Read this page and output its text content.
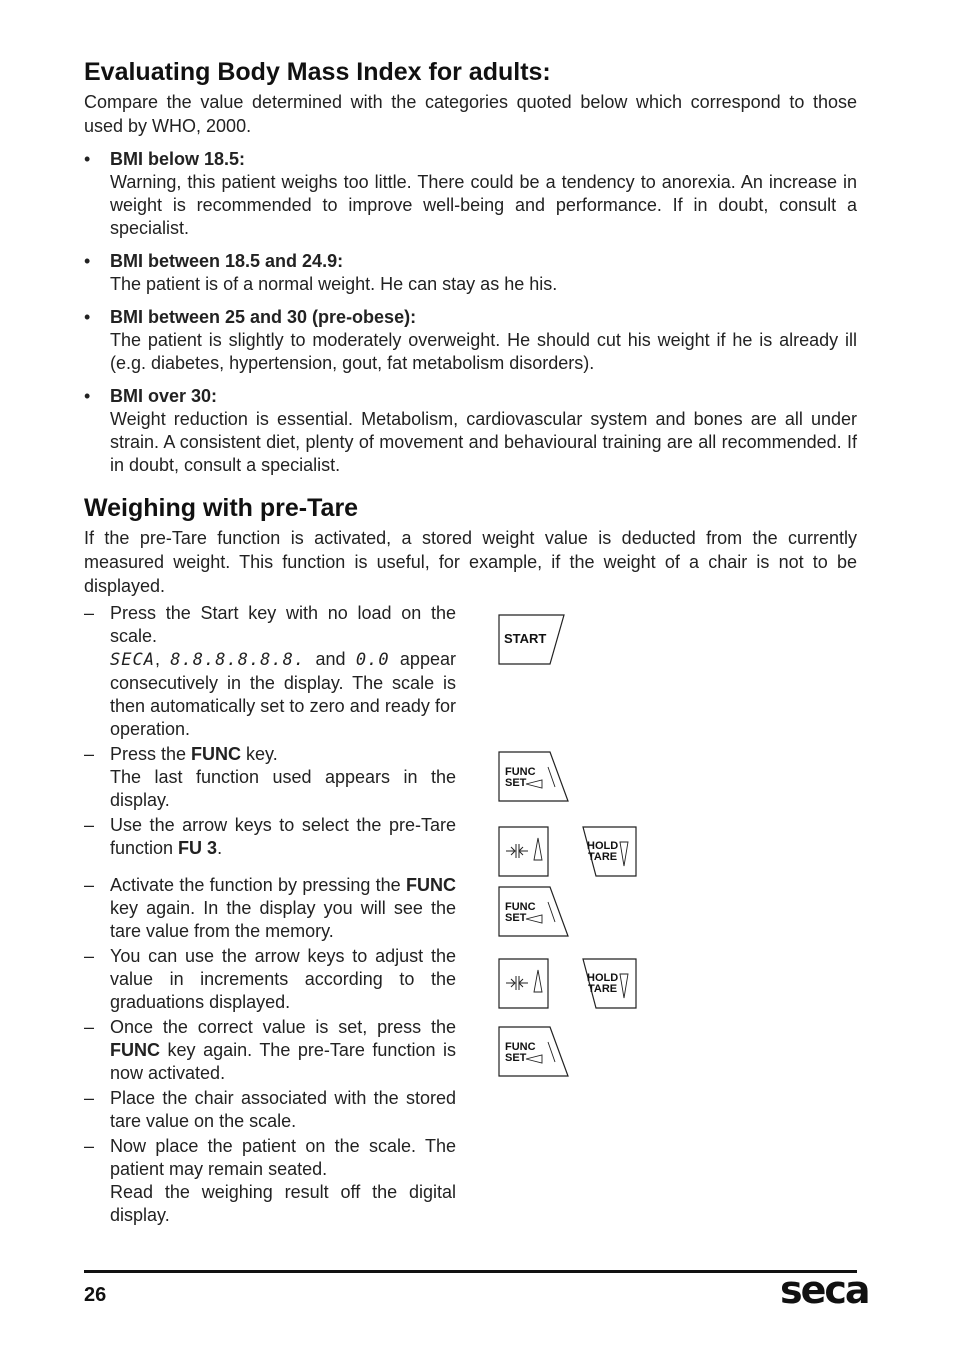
Evaluating Body Mass Index for adults:

Compare the value determined with the categories quoted below which correspond to those used by WHO, 2000.

• BMI below 18.5:
Warning, this patient weighs too little. There could be a tendency to anorexia. An increase in weight is recommended to improve well-being and performance. If in doubt, consult a specialist.
• BMI between 18.5 and 24.9:
The patient is of a normal weight. He can stay as he his.
• BMI between 25 and 30 (pre-obese):
The patient is slightly to moderately overweight. He should cut his weight if he is already ill (e.g. diabetes, hypertension, gout, fat metabolism disorders).
• BMI over 30:
Weight reduction is essential. Metabolism, cardiovascular system and bones are all under strain. A consistent diet, plenty of movement and behavioural training are all recommended. If in doubt, consult a specialist.
Weighing with pre-Tare

If the pre-Tare function is activated, a stored weight value is deducted from the currently measured weight. This function is useful, for example, if the weight of a chair is not to be displayed.

– Press the Start key with no load on the scale.
SECA, 8.8.8.8.8.8. and 0.0 appear consecutively in the display. The scale is then automatically set to zero and ready for operation.
– Press the FUNC key.
The last function used appears in the display.
– Use the arrow keys to select the pre-Tare function FU 3.
– Activate the function by pressing the FUNC key again. In the display you will see the tare value from the memory.
– You can use the arrow keys to adjust the value in increments according to the graduations displayed.
– Once the correct value is set, press the FUNC key again. The pre-Tare function is now activated.
– Place the chair associated with the stored tare value on the scale.
– Now place the patient on the scale. The patient may remain seated.
Read the weighing result off the digital display.
START
FUNC
SET
HOLD
TARE
FUNC
SET
HOLD
TARE
FUNC
SET
26	seca
